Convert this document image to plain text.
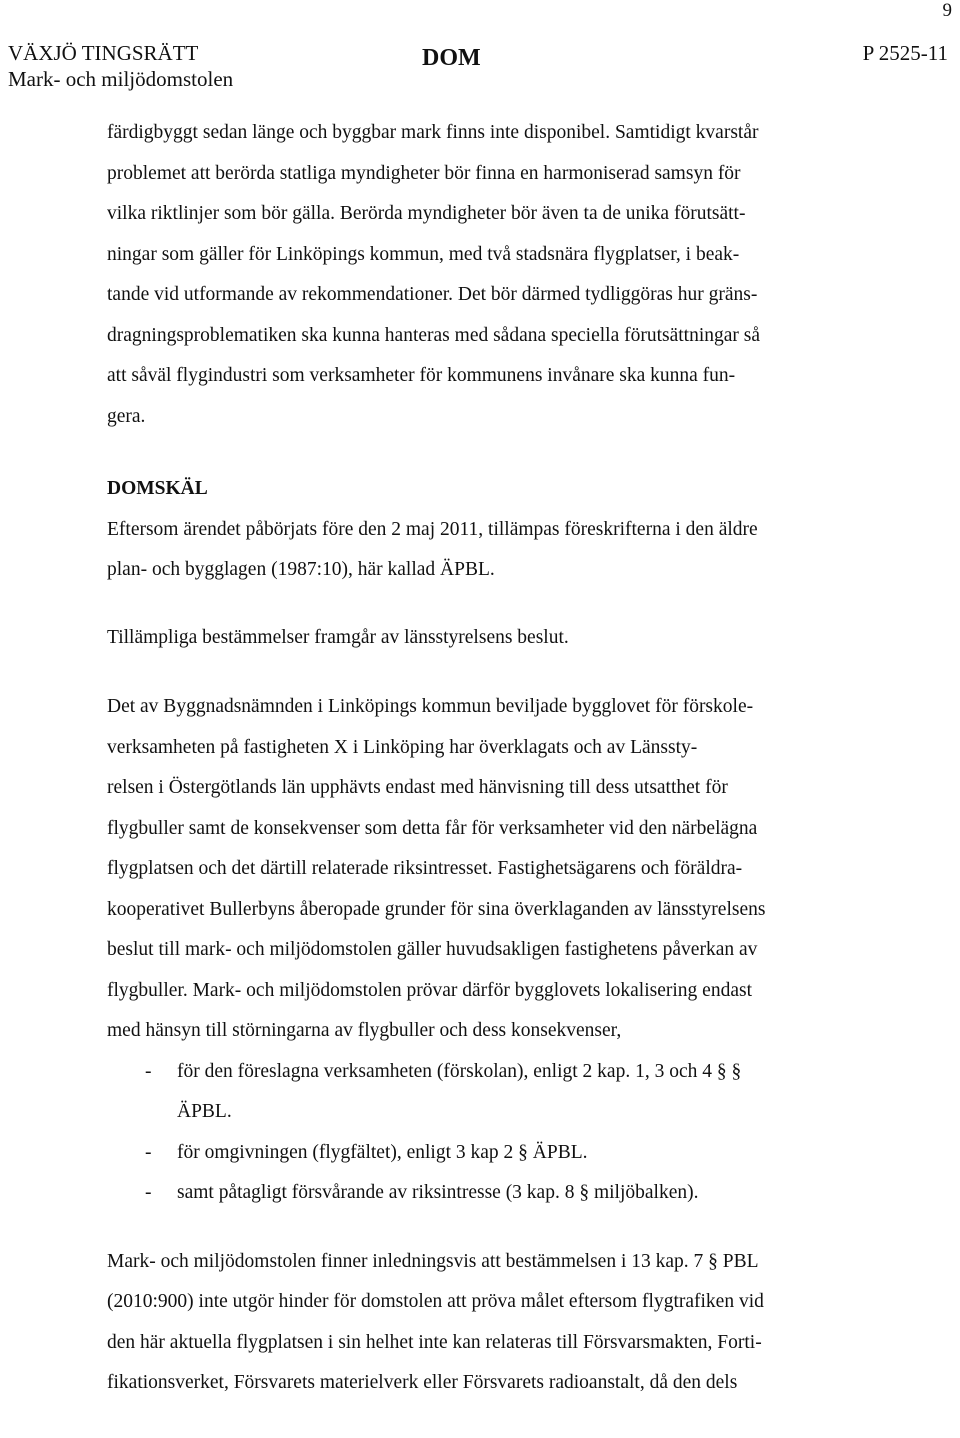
9
VÄXJÖ TINGSRÄTT
Mark- och miljödomstolen
DOM	P 2525-11
färdigbyggt sedan länge och byggbar mark finns inte disponibel. Samtidigt kvarstår
problemet att berörda statliga myndigheter bör finna en harmoniserad samsyn för
vilka riktlinjer som bör gälla. Berörda myndigheter bör även ta de unika förutsätt-
ningar som gäller för Linköpings kommun, med två stadsnära flygplatser, i beak-
tande vid utformande av rekommendationer. Det bör därmed tydliggöras hur gräns-
dragningsproblematiken ska kunna hanteras med sådana speciella förutsättningar så
att såväl flygindustri som verksamheter för kommunens invånare ska kunna fun-
gera.
DOMSKÄL
Eftersom ärendet påbörjats före den 2 maj 2011, tillämpas föreskrifterna i den äldre
plan- och bygglagen (1987:10), här kallad ÄPBL.
Tillämpliga bestämmelser framgår av länsstyrelsens beslut.
Det av Byggnadsnämnden i Linköpings kommun beviljade bygglovet för förskole-
verksamheten på fastigheten X i Linköping har överklagats och av Länssty-
relsen i Östergötlands län upphävts endast med hänvisning till dess utsatthet för
flygbuller samt de konsekvenser som detta får för verksamheter vid den närbelägna
flygplatsen och det därtill relaterade riksintresset. Fastighetsägarens och föräldra-
kooperativet Bullerbyns åberopade grunder för sina överklaganden av länsstyrelsens
beslut till mark- och miljödomstolen gäller huvudsakligen fastighetens påverkan av
flygbuller. Mark- och miljödomstolen prövar därför bygglovets lokalisering endast
med hänsyn till störningarna av flygbuller och dess konsekvenser,
- för den föreslagna verksamheten (förskolan), enligt 2 kap. 1, 3 och 4 § §
ÄPBL.
- för omgivningen (flygfältet), enligt 3 kap 2 § ÄPBL.
- samt påtagligt försvårande av riksintresse (3 kap. 8 § miljöbalken).
Mark- och miljödomstolen finner inledningsvis att bestämmelsen i 13 kap. 7 § PBL
(2010:900) inte utgör hinder för domstolen att pröva målet eftersom flygtrafiken vid
den här aktuella flygplatsen i sin helhet inte kan relateras till Försvarsmakten, Forti-
fikationsverket, Försvarets materielverk eller Försvarets radioanstalt, då den dels
